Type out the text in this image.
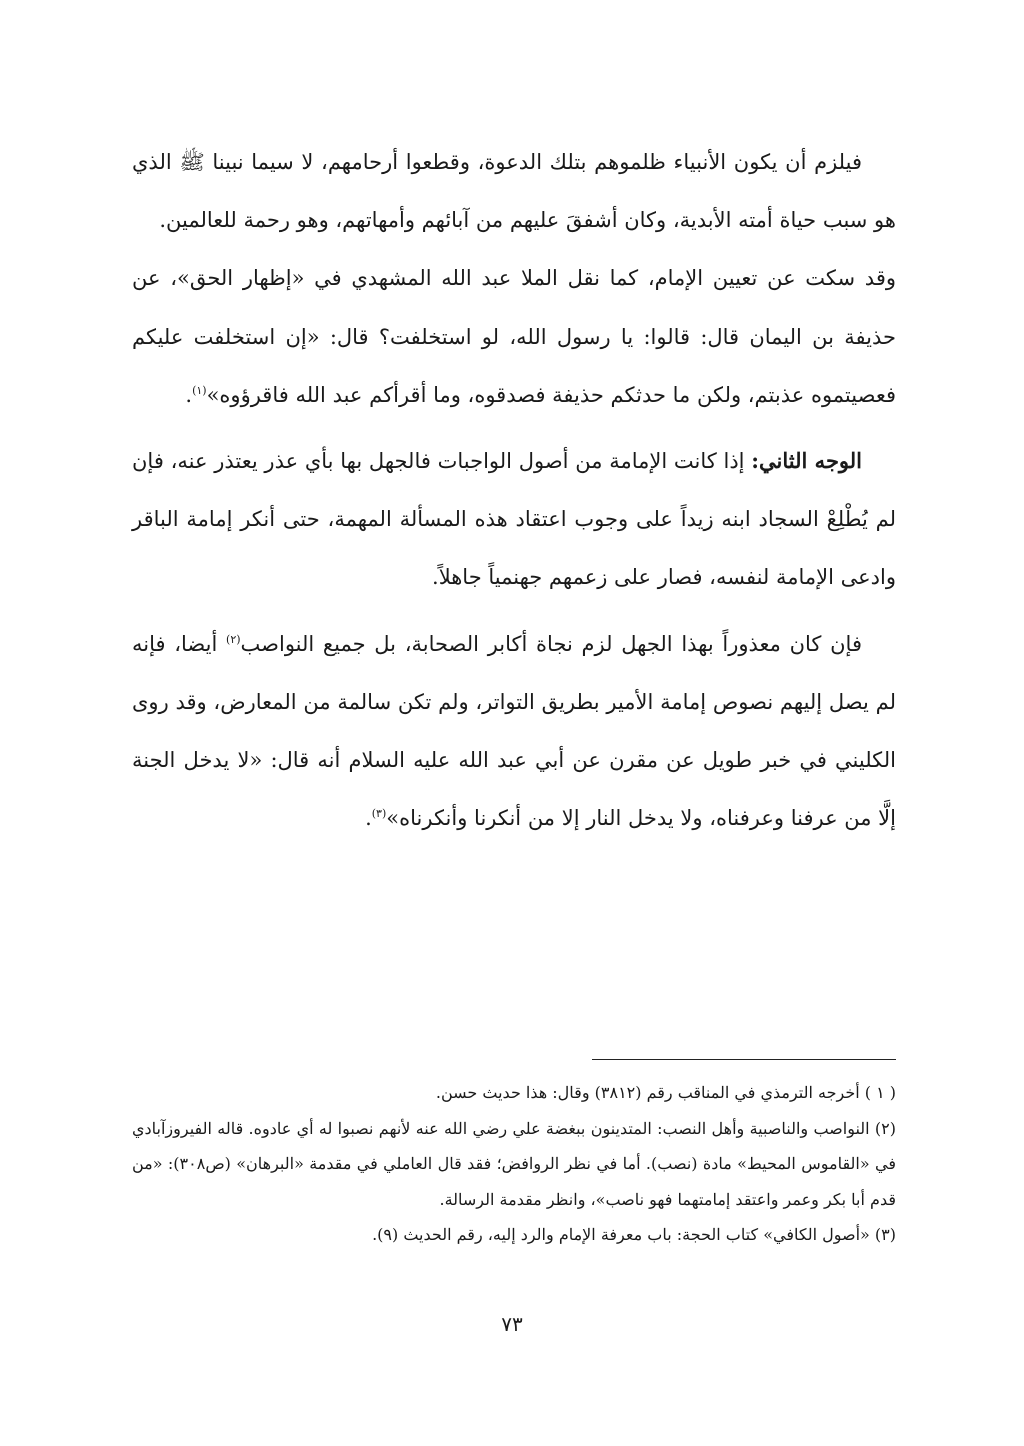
فيلزم أن يكون الأنبياء ظلموهم بتلك الدعوة، وقطعوا أرحامهم، لا سيما نبينا ﷺ الذي هو سبب حياة أمته الأبدية، وكان أشفقَ عليهم من آبائهم وأمهاتهم، وهو رحمة للعالمين.

وقد سكت عن تعيين الإمام، كما نقل الملا عبد الله المشهدي في «إظهار الحق»، عن حذيفة بن اليمان قال: قالوا: يا رسول الله، لو استخلفت؟ قال: «إن استخلفت عليكم فعصيتموه عذبتم، ولكن ما حدثكم حذيفة فصدقوه، وما أقرأكم عبد الله فاقرؤوه»$^{(١)}$.

الوجه الثاني: إذا كانت الإمامة من أصول الواجبات فالجهل بها بأي عذر يعتذر عنه، فإن لم يُطْلِعْ السجاد ابنه زيداً على وجوب اعتقاد هذه المسألة المهمة، حتى أنكر إمامة الباقر وادعى الإمامة لنفسه، فصار على زعمهم جهنمياً جاهلاً.

فإن كان معذوراً بهذا الجهل لزم نجاة أكابر الصحابة، بل جميع النواصب$^{(٢)}$ أيضا، فإنه لم يصل إليهم نصوص إمامة الأمير بطريق التواتر، ولم تكن سالمة من المعارض، وقد روى الكليني في خبر طويل عن مقرن عن أبي عبد الله عليه السلام أنه قال: «لا يدخل الجنة إلَّا من عرفنا وعرفناه، ولا يدخل النار إلا من أنكرنا وأنكرناه»$^{(٣)}$.

( ١ ) أخرجه الترمذي في المناقب رقم (٣٨١٢) وقال: هذا حديث حسن.

(٢) النواصب والناصبية وأهل النصب: المتدينون ببغضة علي رضي الله عنه لأنهم نصبوا له أي عادوه. قاله الفيروزآبادي في «القاموس المحيط» مادة (نصب). أما في نظر الروافض؛ فقد قال العاملي في مقدمة «البرهان» (ص٣٠٨): «من قدم أبا بكر وعمر واعتقد إمامتهما فهو ناصب»، وانظر مقدمة الرسالة.

(٣) «أصول الكافي» كتاب الحجة: باب معرفة الإمام والرد إليه، رقم الحديث (٩).

٧٣
